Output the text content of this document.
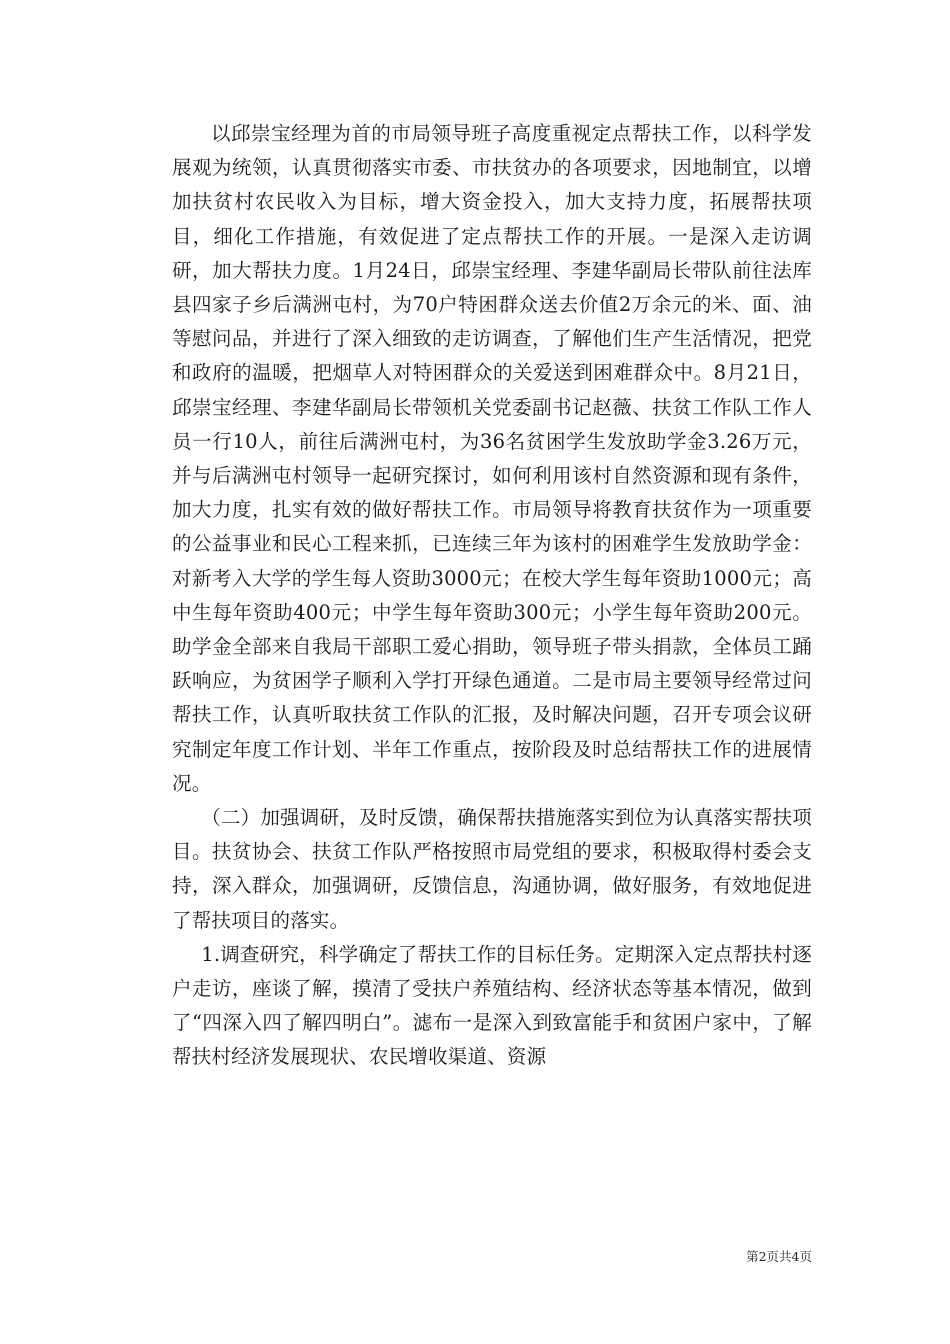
以邱崇宝经理为首的市局领导班子高度重视定点帮扶工作，以科学发展观为统领，认真贯彻落实市委、市扶贫办的各项要求，因地制宜，以增加扶贫村农民收入为目标，增大资金投入，加大支持力度，拓展帮扶项目，细化工作措施，有效促进了定点帮扶工作的开展。一是深入走访调研，加大帮扶力度。1月24日，邱崇宝经理、李建华副局长带队前往法库县四家子乡后满洲屯村，为70户特困群众送去价值2万余元的米、面、油等慰问品，并进行了深入细致的走访调查，了解他们生产生活情况，把党和政府的温暖，把烟草人对特困群众的关爱送到困难群众中。8月21日，邱崇宝经理、李建华副局长带领机关党委副书记赵薇、扶贫工作队工作人员一行10人，前往后满洲屯村，为36名贫困学生发放助学金3.26万元，并与后满洲屯村领导一起研究探讨，如何利用该村自然资源和现有条件，加大力度，扎实有效的做好帮扶工作。市局领导将教育扶贫作为一项重要的公益事业和民心工程来抓，已连续三年为该村的困难学生发放助学金：对新考入大学的学生每人资助3000元；在校大学生每年资助1000元；高中生每年资助400元；中学生每年资助300元；小学生每年资助200元。助学金全部来自我局干部职工爱心捐助，领导班子带头捐款，全体员工踊跃响应，为贫困学子顺利入学打开绿色通道。二是市局主要领导经常过问帮扶工作，认真听取扶贫工作队的汇报，及时解决问题，召开专项会议研究制定年度工作计划、半年工作重点，按阶段及时总结帮扶工作的进展情况。

（二）加强调研，及时反馈，确保帮扶措施落实到位为认真落实帮扶项目。扶贫协会、扶贫工作队严格按照市局党组的要求，积极取得村委会支持，深入群众，加强调研，反馈信息，沟通协调，做好服务，有效地促进了帮扶项目的落实。

1.调查研究，科学确定了帮扶工作的目标任务。定期深入定点帮扶村逐户走访，座谈了解，摸清了受扶户养殖结构、经济状态等基本情况，做到了“四深入四了解四明白”。滤布一是深入到致富能手和贫困户家中，了解帮扶村经济发展现状、农民增收渠道、资源

第2页共4页
